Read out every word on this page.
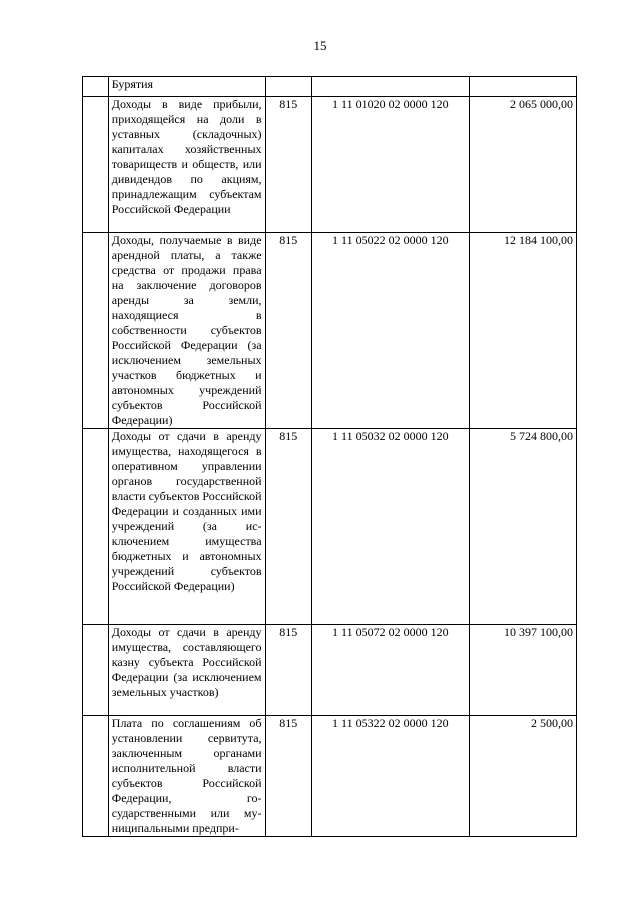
15
	Бурятия			
	Доходы в виде прибыли, приходящейся на доли в уставных (складочных) капиталах хозяйственных товариществ и обществ, или дивидендов по акциям, принадлежащим субъектам Российской Федерации	815	1 11 01020 02 0000 120	2 065 000,00
	Доходы, получаемые в виде арендной платы, а также средства от продажи права на заключение договоров аренды за земли, находящиеся в собственности субъектов Российской Федерации (за исключением земельных участков бюджетных и автономных учреждений субъектов Российской Федерации)	815	1 11 05022 02 0000 120	12 184 100,00
	Доходы от сдачи в аренду имущества, находящегося в оперативном управлении органов государственной власти субъектов Российской Федерации и созданных ими учреждений (за исключением имущества бюджетных и автономных учреждений субъектов Российской Федерации)	815	1 11 05032 02 0000 120	5 724 800,00
	Доходы от сдачи в аренду имущества, составляющего казну субъекта Российской Федерации (за исключением земельных участков)	815	1 11 05072 02 0000 120	10 397 100,00
	Плата по соглашениям об установлении сервитута, заключенным органами исполнительной власти субъектов Российской Федерации, государственными или муниципальными предпри-	815	1 11 05322 02 0000 120	2 500,00
